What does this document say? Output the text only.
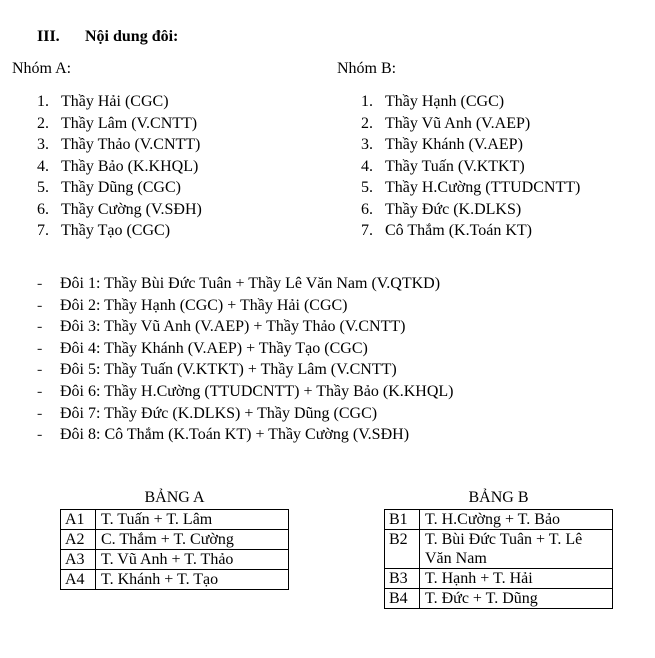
III. Nội dung đôi:
Nhóm A:	Nhóm B:
1. Thầy Hải (CGC)
2. Thầy Lâm (V.CNTT)
3. Thầy Thảo (V.CNTT)
4. Thầy Bảo (K.KHQL)
5. Thầy Dũng (CGC)
6. Thầy Cường (V.SĐH)
7. Thầy Tạo (CGC)
1. Thầy Hạnh (CGC)
2. Thầy Vũ Anh (V.AEP)
3. Thầy Khánh (V.AEP)
4. Thầy Tuấn (V.KTKT)
5. Thầy H.Cường (TTUDCNTT)
6. Thầy Đức (K.DLKS)
7. Cô Thắm (K.Toán KT)
- Đôi 1: Thầy Bùi Đức Tuân + Thầy Lê Văn Nam (V.QTKD)
- Đôi 2: Thầy Hạnh (CGC) + Thầy Hải (CGC)
- Đôi 3: Thầy Vũ Anh (V.AEP) + Thầy Thảo (V.CNTT)
- Đôi 4: Thầy Khánh (V.AEP) + Thầy Tạo (CGC)
- Đôi 5: Thầy Tuấn (V.KTKT) + Thầy Lâm (V.CNTT)
- Đôi 6: Thầy H.Cường (TTUDCNTT) + Thầy Bảo (K.KHQL)
- Đôi 7: Thầy Đức (K.DLKS) + Thầy Dũng (CGC)
- Đôi 8: Cô Thắm (K.Toán KT) + Thầy Cường (V.SĐH)
BẢNG A
A1	T. Tuấn + T. Lâm
A2	C. Thắm + T. Cường
A3	T. Vũ Anh + T. Thảo
A4	T. Khánh + T. Tạo
BẢNG B
B1	T. H.Cường + T. Bảo
B2	T. Bùi Đức Tuân + T. Lê Văn Nam
B3	T. Hạnh + T. Hải
B4	T. Đức + T. Dũng
